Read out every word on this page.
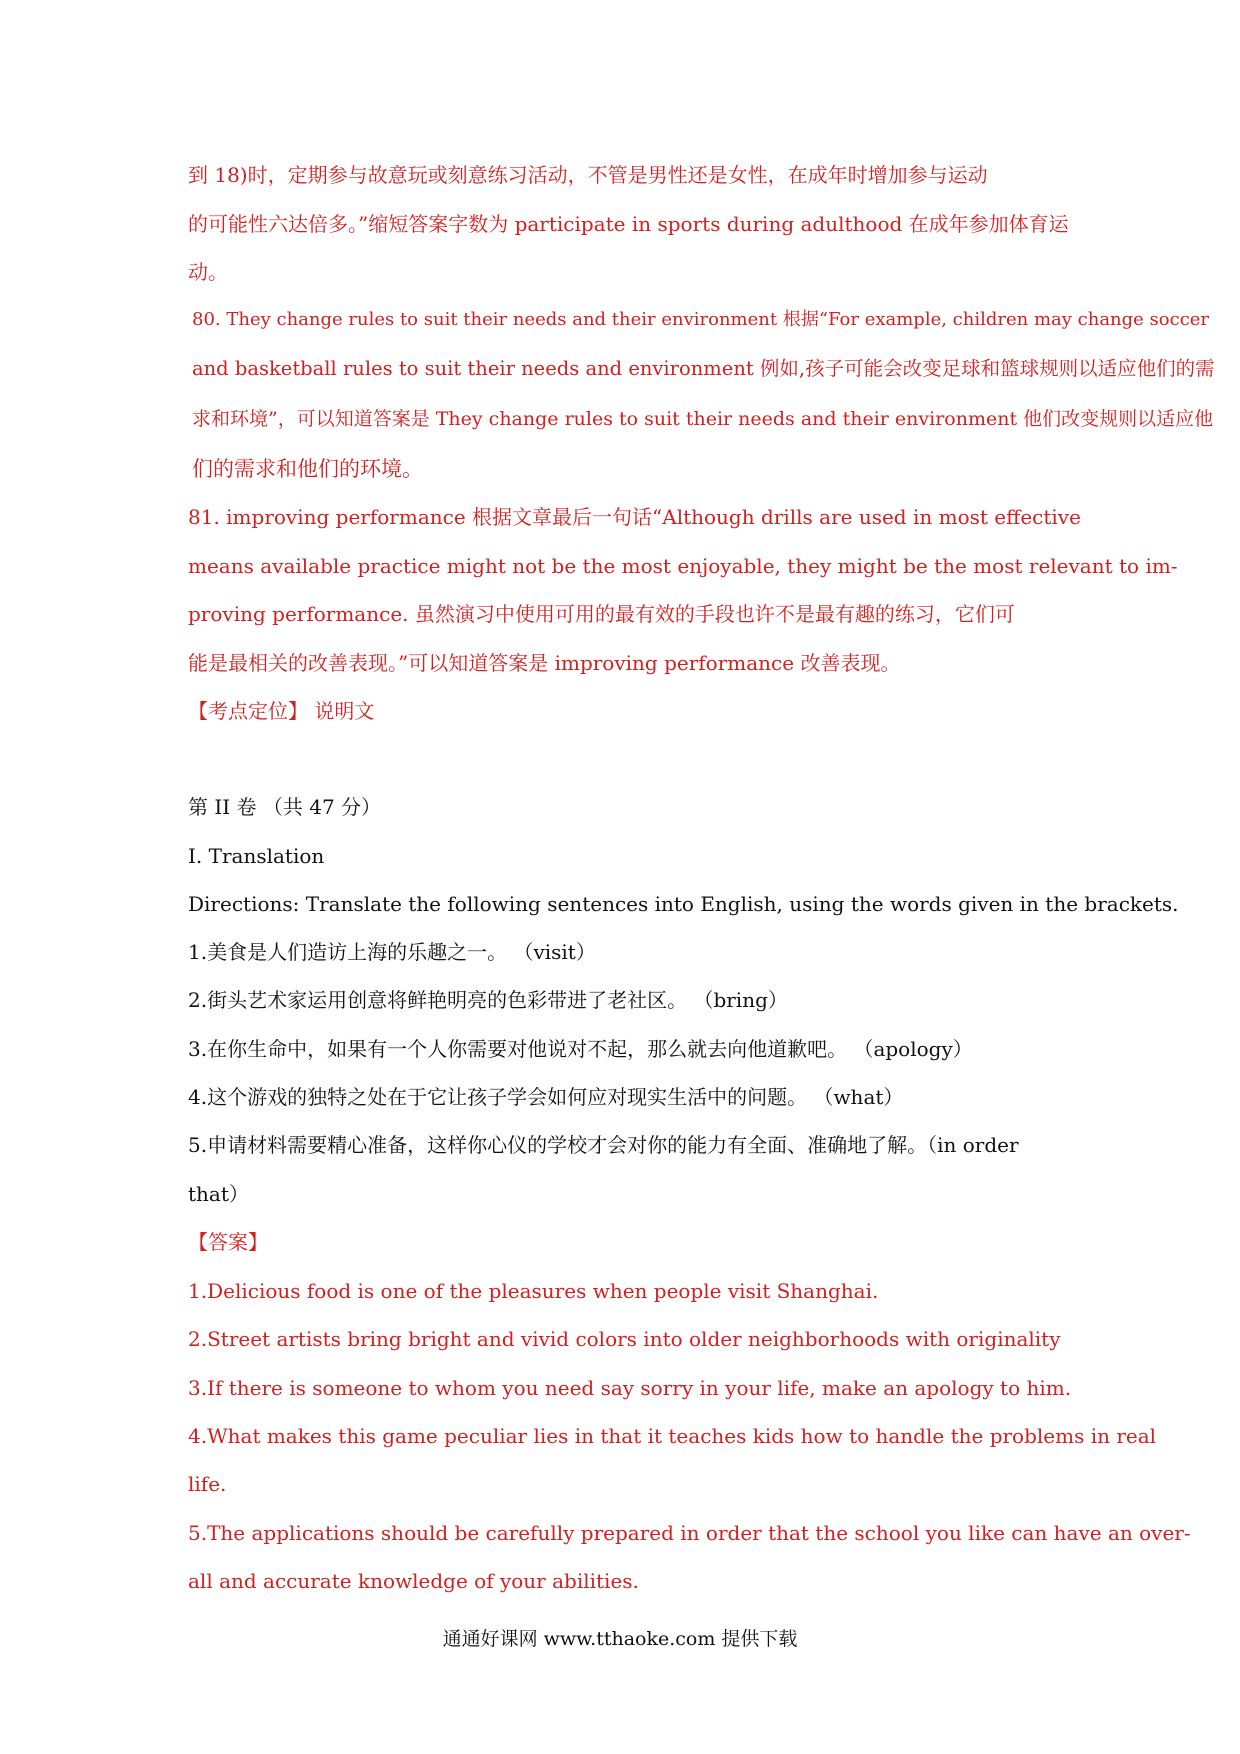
到 18)时，定期参与故意玩或刻意练习活动，不管是男性还是女性，在成年时增加参与运动
的可能性六达倍多。”缩短答案字数为 participate in sports during adulthood 在成年参加体育运
动。
80. They change rules to suit their needs and their environment 根据“For example, children may change soccer
and basketball rules to suit their needs and environment 例如,孩子可能会改变足球和篮球规则以适应他们的需
求和环境”，可以知道答案是 They change rules to suit their needs and their environment 他们改变规则以适应他
们的需求和他们的环境。
81. improving performance 根据文章最后一句话“Although drills are used in most effective
means available practice might not be the most enjoyable, they might be the most relevant to im-
proving performance. 虽然演习中使用可用的最有效的手段也许不是最有趣的练习，它们可
能是最相关的改善表现。”可以知道答案是 improving performance 改善表现。
【考点定位】 说明文
第 II 卷 （共 47 分）
I. Translation
Directions: Translate the following sentences into English, using the words given in the brackets.
1.美食是人们造访上海的乐趣之一。 （visit）
2.街头艺术家运用创意将鲜艳明亮的色彩带进了老社区。 （bring）
3.在你生命中，如果有一个人你需要对他说对不起，那么就去向他道歉吧。 （apology）
4.这个游戏的独特之处在于它让孩子学会如何应对现实生活中的问题。 （what）
5.申请材料需要精心准备，这样你心仪的学校才会对你的能力有全面、准确地了解。（in order
that）
【答案】
1.Delicious food is one of the pleasures when people visit Shanghai.
2.Street artists bring bright and vivid colors into older neighborhoods with originality
3.If there is someone to whom you need say sorry in your life, make an apology to him.
4.What makes this game peculiar lies in that it teaches kids how to handle the problems in real
life.
5.The applications should be carefully prepared in order that the school you like can have an over-
all and accurate knowledge of your abilities.
通通好课网 www.tthaoke.com 提供下载
